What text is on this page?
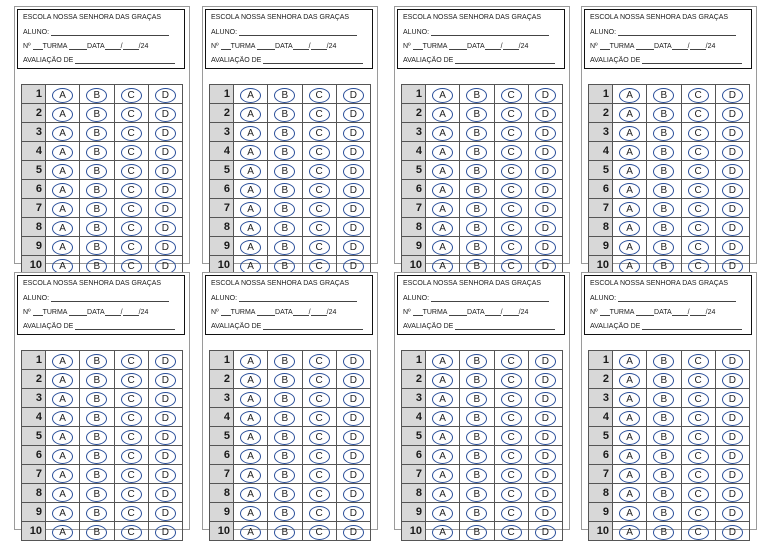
ESCOLA NOSSA SENHORA DAS GRAÇAS
ALUNO:
Nº TURMA	DATA / /24
AVALIAÇÃO DE
1	A	B	C	D
2	A	B	C	D
3	A	B	C	D
4	A	B	C	D
5	A	B	C	D
6	A	B	C	D
7	A	B	C	D
8	A	B	C	D
9	A	B	C	D
10	A	B	C	D
ESCOLA NOSSA SENHORA DAS GRAÇAS
ALUNO:
Nº TURMA	DATA / /24
AVALIAÇÃO DE
1	A	B	C	D
2	A	B	C	D
3	A	B	C	D
4	A	B	C	D
5	A	B	C	D
6	A	B	C	D
7	A	B	C	D
8	A	B	C	D
9	A	B	C	D
10	A	B	C	D
ESCOLA NOSSA SENHORA DAS GRAÇAS
ALUNO:
Nº TURMA	DATA / /24
AVALIAÇÃO DE
1	A	B	C	D
2	A	B	C	D
3	A	B	C	D
4	A	B	C	D
5	A	B	C	D
6	A	B	C	D
7	A	B	C	D
8	A	B	C	D
9	A	B	C	D
10	A	B	C	D
ESCOLA NOSSA SENHORA DAS GRAÇAS
ALUNO:
Nº TURMA	DATA / /24
AVALIAÇÃO DE
1	A	B	C	D
2	A	B	C	D
3	A	B	C	D
4	A	B	C	D
5	A	B	C	D
6	A	B	C	D
7	A	B	C	D
8	A	B	C	D
9	A	B	C	D
10	A	B	C	D
ESCOLA NOSSA SENHORA DAS GRAÇAS
ALUNO:
Nº TURMA	DATA / /24
AVALIAÇÃO DE
1	A	B	C	D
2	A	B	C	D
3	A	B	C	D
4	A	B	C	D
5	A	B	C	D
6	A	B	C	D
7	A	B	C	D
8	A	B	C	D
9	A	B	C	D
10	A	B	C	D
ESCOLA NOSSA SENHORA DAS GRAÇAS
ALUNO:
Nº TURMA	DATA / /24
AVALIAÇÃO DE
1	A	B	C	D
2	A	B	C	D
3	A	B	C	D
4	A	B	C	D
5	A	B	C	D
6	A	B	C	D
7	A	B	C	D
8	A	B	C	D
9	A	B	C	D
10	A	B	C	D
ESCOLA NOSSA SENHORA DAS GRAÇAS
ALUNO:
Nº TURMA	DATA / /24
AVALIAÇÃO DE
1	A	B	C	D
2	A	B	C	D
3	A	B	C	D
4	A	B	C	D
5	A	B	C	D
6	A	B	C	D
7	A	B	C	D
8	A	B	C	D
9	A	B	C	D
10	A	B	C	D
ESCOLA NOSSA SENHORA DAS GRAÇAS
ALUNO:
Nº TURMA	DATA / /24
AVALIAÇÃO DE
1	A	B	C	D
2	A	B	C	D
3	A	B	C	D
4	A	B	C	D
5	A	B	C	D
6	A	B	C	D
7	A	B	C	D
8	A	B	C	D
9	A	B	C	D
10	A	B	C	D
